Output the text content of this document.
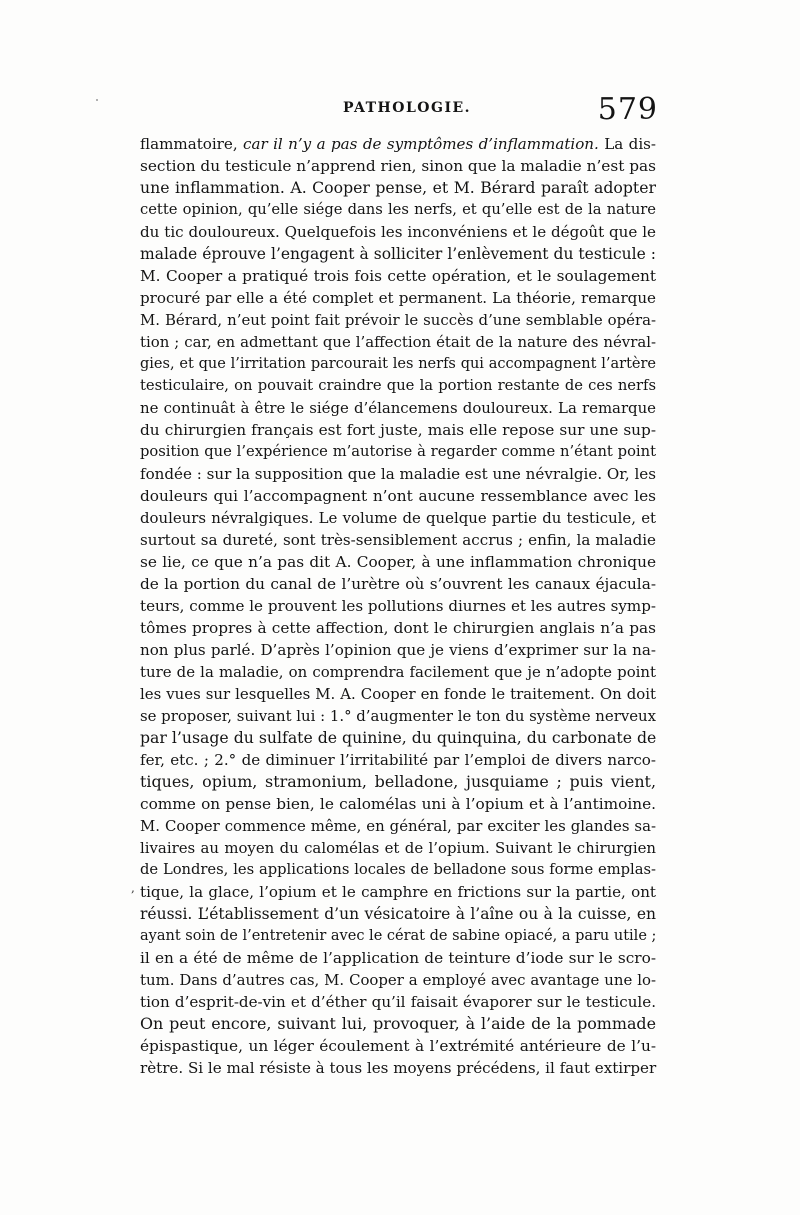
PATHOLOGIE.	579
,
flammatoire, car il n’y a pas de symptômes d’inflammation. La dis-
section du testicule n’apprend rien, sinon que la maladie n’est pas
une inflammation. A. Cooper pense, et M. Bérard paraît adopter
cette opinion, qu’elle siége dans les nerfs, et qu’elle est de la nature
du tic douloureux. Quelquefois les inconvéniens et le dégoût que le
malade éprouve l’engagent à solliciter l’enlèvement du testicule :
M. Cooper a pratiqué trois fois cette opération, et le soulagement
procuré par elle a été complet et permanent. La théorie, remarque
M. Bérard, n’eut point fait prévoir le succès d’une semblable opéra-
tion ; car, en admettant que l’affection était de la nature des névral-
gies, et que l’irritation parcourait les nerfs qui accompagnent l’artère
testiculaire, on pouvait craindre que la portion restante de ces nerfs
ne continuât à être le siége d’élancemens douloureux. La remarque
du chirurgien français est fort juste, mais elle repose sur une sup-
position que l’expérience m’autorise à regarder comme n’étant point
fondée : sur la supposition que la maladie est une névralgie. Or, les
douleurs qui l’accompagnent n’ont aucune ressemblance avec les
douleurs névralgiques. Le volume de quelque partie du testicule, et
surtout sa dureté, sont très-sensiblement accrus ; enfin, la maladie
se lie, ce que n’a pas dit A. Cooper, à une inflammation chronique
de la portion du canal de l’urètre où s’ouvrent les canaux éjacula-
teurs, comme le prouvent les pollutions diurnes et les autres symp-
tômes propres à cette affection, dont le chirurgien anglais n’a pas
non plus parlé. D’après l’opinion que je viens d’exprimer sur la na-
ture de la maladie, on comprendra facilement que je n’adopte point
les vues sur lesquelles M. A. Cooper en fonde le traitement. On doit
se proposer, suivant lui : 1.° d’augmenter le ton du système nerveux
par l’usage du sulfate de quinine, du quinquina, du carbonate de
fer, etc. ; 2.° de diminuer l’irritabilité par l’emploi de divers narco-
tiques, opium, stramonium, belladone, jusquiame ; puis vient,
comme on pense bien, le calomélas uni à l’opium et à l’antimoine.
M. Cooper commence même, en général, par exciter les glandes sa-
livaires au moyen du calomélas et de l’opium. Suivant le chirurgien
de Londres, les applications locales de belladone sous forme emplas-
tique, la glace, l’opium et le camphre en frictions sur la partie, ont
réussi. L’établissement d’un vésicatoire à l’aîne ou à la cuisse, en
ayant soin de l’entretenir avec le cérat de sabine opiacé, a paru utile ;
il en a été de même de l’application de teinture d’iode sur le scro-
tum. Dans d’autres cas, M. Cooper a employé avec avantage une lo-
tion d’esprit-de-vin et d’éther qu’il faisait évaporer sur le testicule.
On peut encore, suivant lui, provoquer, à l’aide de la pommade
épispastique, un léger écoulement à l’extrémité antérieure de l’u-
rètre. Si le mal résiste à tous les moyens précédens, il faut extirper
